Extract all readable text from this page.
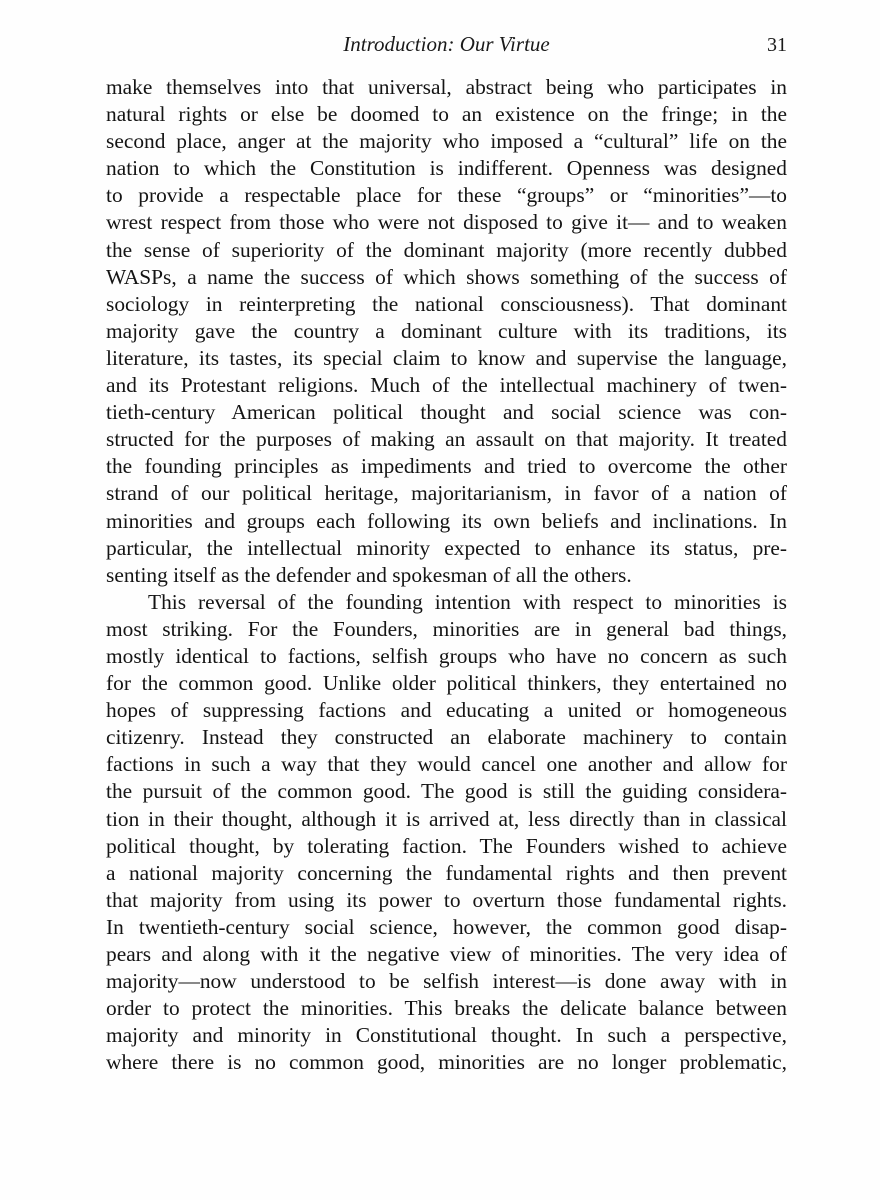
Introduction: Our Virtue	31
make themselves into that universal, abstract being who participates in
natural rights or else be doomed to an existence on the fringe; in the
second place, anger at the majority who imposed a “cultural” life on the
nation to which the Constitution is indifferent. Openness was designed
to provide a respectable place for these “groups” or “minorities”—to
wrest respect from those who were not disposed to give it— and to weaken
the sense of superiority of the dominant majority (more recently dubbed
WASPs, a name the success of which shows something of the success of
sociology in reinterpreting the national consciousness). That dominant
majority gave the country a dominant culture with its traditions, its
literature, its tastes, its special claim to know and supervise the language,
and its Protestant religions. Much of the intellectual machinery of twen-
tieth-century American political thought and social science was con-
structed for the purposes of making an assault on that majority. It treated
the founding principles as impediments and tried to overcome the other
strand of our political heritage, majoritarianism, in favor of a nation of
minorities and groups each following its own beliefs and inclinations. In
particular, the intellectual minority expected to enhance its status, pre-
senting itself as the defender and spokesman of all the others.
This reversal of the founding intention with respect to minorities is
most striking. For the Founders, minorities are in general bad things,
mostly identical to factions, selfish groups who have no concern as such
for the common good. Unlike older political thinkers, they entertained no
hopes of suppressing factions and educating a united or homogeneous
citizenry. Instead they constructed an elaborate machinery to contain
factions in such a way that they would cancel one another and allow for
the pursuit of the common good. The good is still the guiding considera-
tion in their thought, although it is arrived at, less directly than in classical
political thought, by tolerating faction. The Founders wished to achieve
a national majority concerning the fundamental rights and then prevent
that majority from using its power to overturn those fundamental rights.
In twentieth-century social science, however, the common good disap-
pears and along with it the negative view of minorities. The very idea of
majority—now understood to be selfish interest—is done away with in
order to protect the minorities. This breaks the delicate balance between
majority and minority in Constitutional thought. In such a perspective,
where there is no common good, minorities are no longer problematic,
